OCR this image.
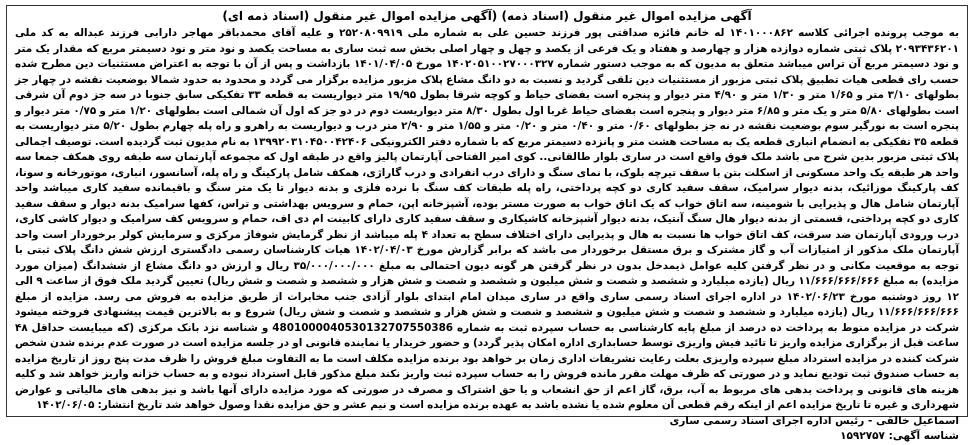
آگهی مزایده اموال غیر منقول (اسناد ذمه) (آگهی مزایده اموال غیر منقول (اسناد ذمه ای)
به موجب پرونده اجرائی کلاسه ۱۴۰۱۰۰۰۸۶۲ له خانم فائزه صداقتی پور فرزند حسین علی به شماره ملی ۲۵۲۰۸۰۹۹۱۹ و علیه آقای محمدباقر مهاجر دارابی فرزند عبداله به کد ملی ۲۰۹۳۴۳۶۲۰۱ پلاک ثبتی شماره دوازده هزار و چهارصد و هفتاد و یک فرعی از یکصد و چهل و چهار اصلی بخش سه ثبت ساری به مساحت یکصد و نود متر و نود دسیمتر مربع که مقدار یک متر و نود دسیمتر مربع آن تراس میباشد متعلق به مدیون که به موجب دستور شماره ۱۴۰۲۰۵۱۰۰۲۷۰۰۰۳۲۷ مورخ ۱۴۰۱/۰۴/۰۵ بازداشت و پس از آن با توجه به اعتراض مستثنیات دین مطرح شده حسب رای قطعی هیات تطبیق پلاک ثبتی مزبور از مستثنیات دین تلقی گردید و نسبت به دو دانگ مشاع پلاک مزبور مزایده برگزار می گردد و محدود به حدود شمالا بوضعیت نقشه در چهار جز بطولهای ۳/۱۰ متر و ۱/۶۵ متر و ۱/۳۰ متر و ۴/۹۰ متر دیوار و پنجره است بفضای حیاط و کوچه شرقا بطول ۱۹/۹۵ متر دیواریست به قطعه ۳۳ تفکیکی سابق جنوبا در سه جز دوم آن شرقی است بطولهای ۵/۸۰ متر و یک متر و ۶/۸۵ متر دیوار و پنجره است بفضای حیاط غربا اول بطول ۸/۳۰ متر دیواریست دوم در دو جز که اول آن شمالی است بطولهای ۱/۲۰ متر و ۰/۷۵ متر دیوار و پنجره است به نورگیر سوم بوضعیت نقشه در نه جز بطولهای ۰/۶۰ متر و ۰/۴۰ متر و ۰/۲۰ متر و ۱/۵۵ متر و ۲/۹۰ متر درب و دیواریست به راهرو و راه پله چهارم بطول ۵/۲۰ متر دیواریست به قطعه ۳۵ تفکیکی به انضمام انباری قطعه یک به مساحت هشت متر و پانزده دسیمتر مربع که با شماره دفتر الکترونیکی ۱۳۹۹۲۰۳۱۰۴۵۰۰۴۲۴۰۶ به نام مدیون ثبت گردیده است. توصیف اجمالی پلاک ثبتی مزبور بدین شرح می باشد ملک فوق واقع است در ساری بلوار طالقانی.. کوی امیر الفتاحی آپارتمان پالیز واقع در طبقه اول که مجموعه آپارتمان سه طبقه روی همکف جمعا سه واحد هر طبقه یک واحد مسکونی از اسکلت بتن با سقف تیرچه بلوک، با نمای سنگ و دارای درب انفرادی و درب گاراژی، همکف شامل پارکینگ و راه پله، آسانسور، انباری، موتورخانه و سونا، کف پارکینگ موزائیک، بدنه دیوار سرامیک، سقف سفید کاری دو کچه پرداختی، راه پله طبقات کف سنگ با نرده فلزی و بدنه دیوار تا یک متر سنگ و باقیمانده سفید کاری میباشد واحد آپارتمان شامل هال و پذیرایی با شومینه، سه اتاق خواب که یک اتاق خواب به صورت مستر بوده، آشپزخانه اپن، حمام و سرویس بهداشتی و تراس، کفها سرامیک بدنه دیوار و سقف سفید کاری دو کچه پرداختی، قسمتی از بدنه دیوار هال سنگ آنتیک، بدنه دیوار آشپزخانه کاشیکاری و سقف سفید کاری دارای کابینت ام دی اف، حمام و سرویس کف سرامیک و دیوار کاشی کاری، درب ورودی آپارتمان ضد سرقت، کف اتاق خواب ها نسبت به هال و پذیرایی دارای اختلاف سطح به تعداد ۴ پله میباشد از نظر گرمایش شوفاژ مرکزی و سرمایش کولر برخوردار است واحد آپارتمان ملک مذکور از امتیازات آب و گاز مشترک و برق مستقل برخوردار می باشد که برابر گزارش مورخ ۱۴۰۲/۰۴/۰۳ هیات کارشناسان رسمی دادگستری ارزش شش دانگ پلاک ثبتی با توجه به موقعیت مکانی و در نظر گرفتن کلیه عوامل ذیمدخل بدون در نظر گرفتن هر گونه دیون احتمالی به مبلغ ۳۵/۰۰۰/۰۰۰/۰۰۰ ریال و ارزش دو دانگ مشاع از ششدانگ (میزان مورد مزایده) به مبلغ ۱۱/۶۶۶/۶۶۶/۶۶۶ ریال (یازده میلیارد و ششصد و شصت و شش میلیون و ششصد و شصت و شش هزار و ششصد و شصت و شش ریال) تعیین گردید ملک فوق از ساعت ۹ الی ۱۲ روز دوشنبه مورخ ۱۴۰۲/۰۶/۲۳ در اداره اجرای اسناد رسمی ساری واقع در ساری میدان امام ابتدای بلوار آزادی جنب مخابرات از طریق مزایده به فروش می رسد. مزایده از مبلغ ۱۱/۶۶۶/۶۶۶/۶۶۶ ریال (یازده میلیارد و ششصد و شصت و شش میلیون و ششصد و شصت و شش هزار و ششصد و شصت و شش ریال) شروع و به بالاترین قیمت پیشنهادی فروخته میشود شرکت در مزایده منوط به پرداخت ده درصد از مبلغ پایه کارشناسی به حساب سپرده ثبت به شماره 4801000040530132707550386 و شناسه نزد بانک مرکزی (که میبایست حداقل ۴۸ ساعت قبل از برگزاری مزایده واریز تا تائید فیش واریزی توسط حسابداری اداره امکان پذیر گردد) و حضور خریدار یا نماینده قانونی او در جلسه مزایده است در صورت عدم برنده شدن شخص شرکت کننده در مزایده استرداد مبلغ سپرده واریزی بعلت رعایت تشریفات اداری زمان بر خواهد بود برنده مزایده مکلف است ما به التفاوت مبلغ فروش را ظرف مدت پنج روز از تاریخ مزایده به حساب صندوق ثبت تودیع نماید و در صورتی که ظرف مهلت مقرر مانده فروش را به حساب سپرده ثبت واریز نکند مبلغ مذکور قابل استرداد نبوده و به حساب خزانه واریز خواهد شد و کلیه هزینه های قانونی و پرداخت بدهی های مربوط به آب، برق، گاز اعم از حق انشعاب و یا حق اشتراک و مصرف در صورتی که مورد مزایده دارای آنها باشد و نیز بدهی های مالیاتی و عوارض شهرداری و غیره تا تاریخ مزایده اعم از اینکه رقم قطعی آن معلوم شده یا نشده باشد به عهده برنده مزایده است و نیم عشر و حق مزایده نقدا وصول خواهد شد تاریخ انتشار: ۱۴۰۲/۰۶/۰۵
اسماعیل خالقی - رئیس اداره اجرای اسناد رسمی ساری
شناسه آگهی: ۱۵۹۲۷۵۷
